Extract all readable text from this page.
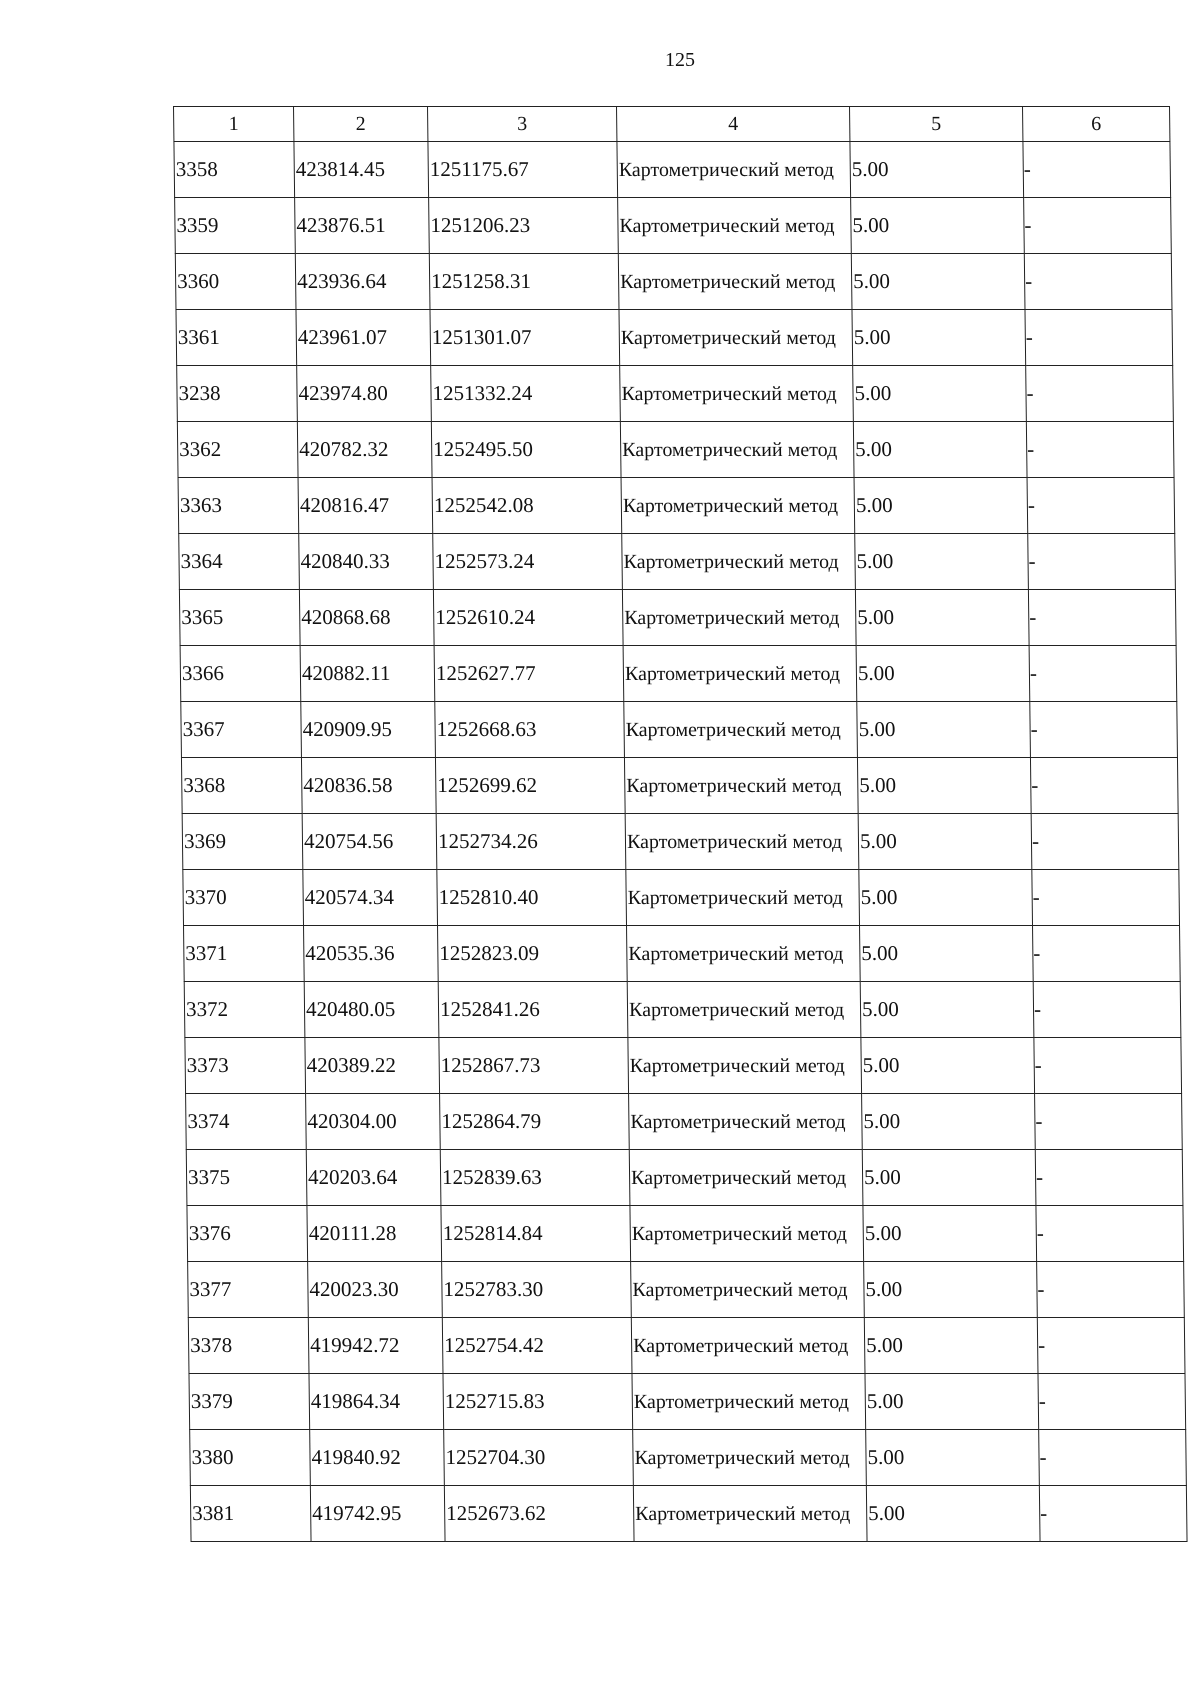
125
1	2	3	4	5	6
3358	423814.45	1251175.67	Картометрический метод	5.00	-
3359	423876.51	1251206.23	Картометрический метод	5.00	-
3360	423936.64	1251258.31	Картометрический метод	5.00	-
3361	423961.07	1251301.07	Картометрический метод	5.00	-
3238	423974.80	1251332.24	Картометрический метод	5.00	-
3362	420782.32	1252495.50	Картометрический метод	5.00	-
3363	420816.47	1252542.08	Картометрический метод	5.00	-
3364	420840.33	1252573.24	Картометрический метод	5.00	-
3365	420868.68	1252610.24	Картометрический метод	5.00	-
3366	420882.11	1252627.77	Картометрический метод	5.00	-
3367	420909.95	1252668.63	Картометрический метод	5.00	-
3368	420836.58	1252699.62	Картометрический метод	5.00	-
3369	420754.56	1252734.26	Картометрический метод	5.00	-
3370	420574.34	1252810.40	Картометрический метод	5.00	-
3371	420535.36	1252823.09	Картометрический метод	5.00	-
3372	420480.05	1252841.26	Картометрический метод	5.00	-
3373	420389.22	1252867.73	Картометрический метод	5.00	-
3374	420304.00	1252864.79	Картометрический метод	5.00	-
3375	420203.64	1252839.63	Картометрический метод	5.00	-
3376	420111.28	1252814.84	Картометрический метод	5.00	-
3377	420023.30	1252783.30	Картометрический метод	5.00	-
3378	419942.72	1252754.42	Картометрический метод	5.00	-
3379	419864.34	1252715.83	Картометрический метод	5.00	-
3380	419840.92	1252704.30	Картометрический метод	5.00	-
3381	419742.95	1252673.62	Картометрический метод	5.00	-
